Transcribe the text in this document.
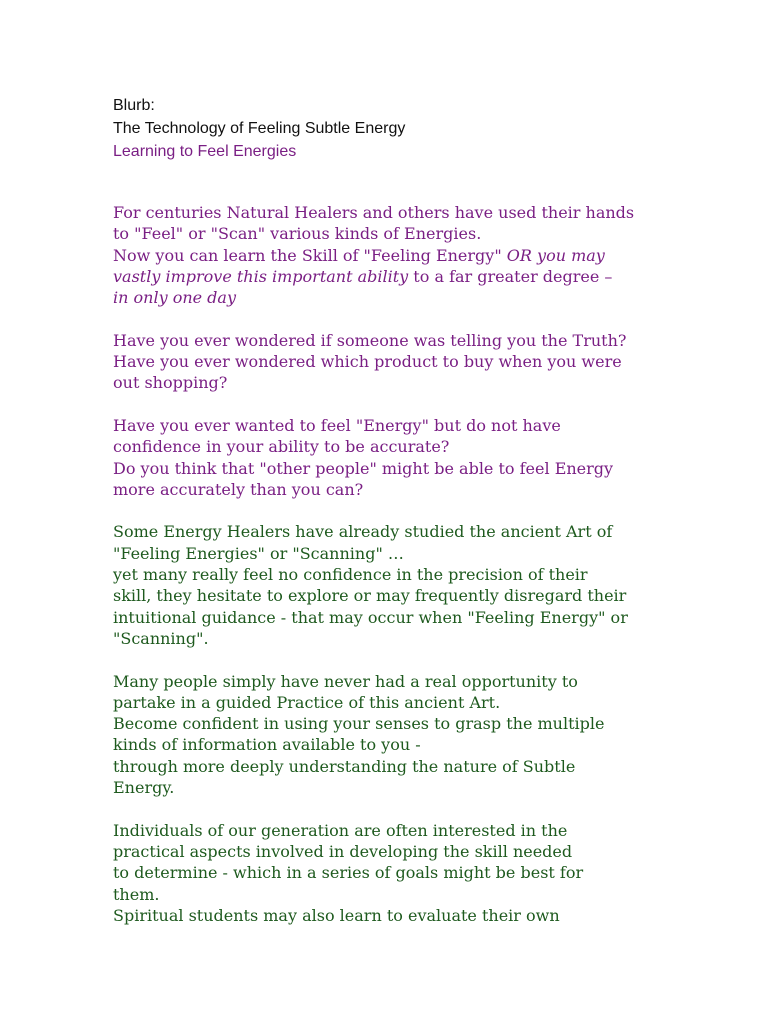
Blurb:
The Technology of Feeling Subtle Energy
Learning to Feel Energies

For centuries Natural Healers and others have used their hands
to "Feel" or "Scan" various kinds of Energies.
Now you can learn the Skill of "Feeling Energy" OR you may
vastly improve this important ability to a far greater degree –
in only one day

Have you ever wondered if someone was telling you the Truth?
Have you ever wondered which product to buy when you were
out shopping?

Have you ever wanted to feel "Energy" but do not have
confidence in your ability to be accurate?
Do you think that "other people" might be able to feel Energy
more accurately than you can?

Some Energy Healers have already studied the ancient Art of
"Feeling Energies" or "Scanning" …
yet many really feel no confidence in the precision of their
skill, they hesitate to explore or may frequently disregard their
intuitional guidance - that may occur when "Feeling Energy" or
"Scanning".

Many people simply have never had a real opportunity to
partake in a guided Practice of this ancient Art.
Become confident in using your senses to grasp the multiple
kinds of information available to you -
through more deeply understanding the nature of Subtle
Energy.

Individuals of our generation are often interested in the
practical aspects involved in developing the skill needed
to determine - which in a series of goals might be best for
them.
Spiritual students may also learn to evaluate their own
